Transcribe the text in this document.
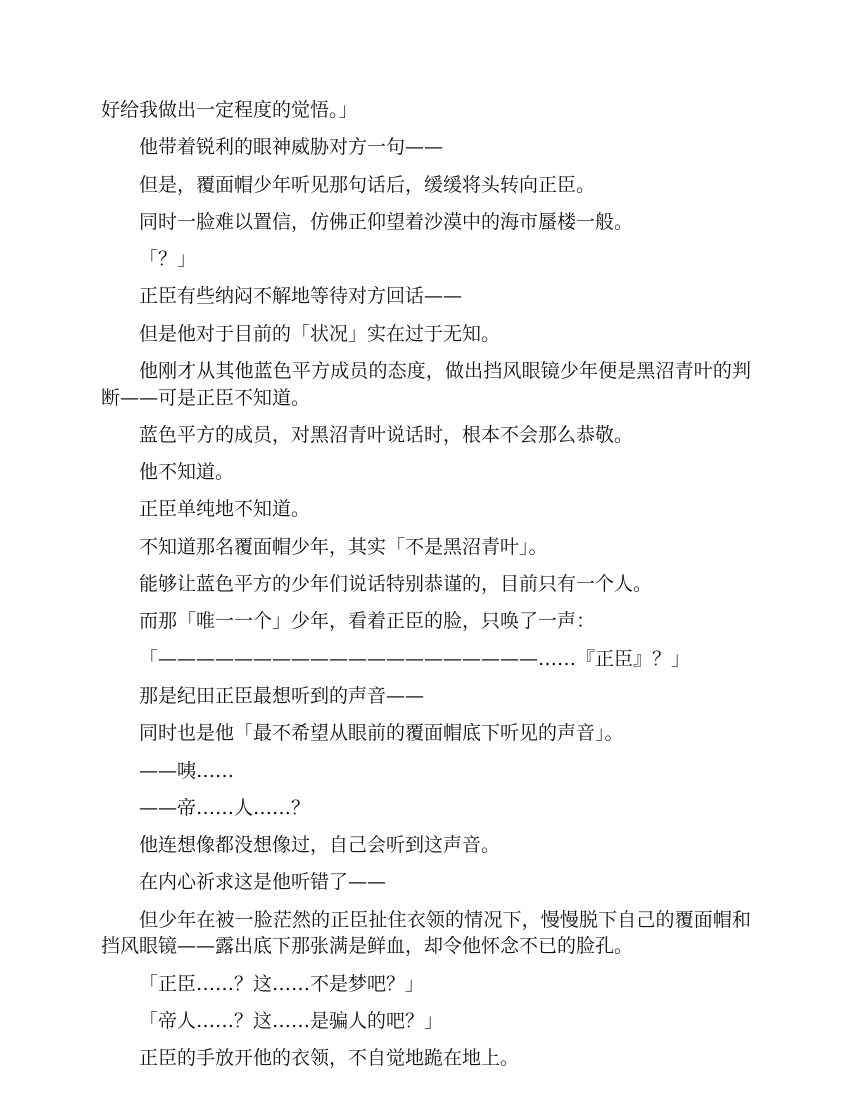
好给我做出一定程度的觉悟。」

他带着锐利的眼神威胁对方一句——

但是，覆面帽少年听见那句话后，缓缓将头转向正臣。

同时一脸难以置信，仿佛正仰望着沙漠中的海市蜃楼一般。

「？」

正臣有些纳闷不解地等待对方回话——

但是他对于目前的「状况」实在过于无知。

他刚才从其他蓝色平方成员的态度，做出挡风眼镜少年便是黑沼青叶的判断——可是正臣不知道。

蓝色平方的成员，对黑沼青叶说话时，根本不会那么恭敬。

他不知道。

正臣单纯地不知道。

不知道那名覆面帽少年，其实「不是黑沼青叶」。

能够让蓝色平方的少年们说话特别恭谨的，目前只有一个人。

而那「唯一一个」少年，看着正臣的脸，只唤了一声：

「————————————————————……『正臣』？」

那是纪田正臣最想听到的声音——

同时也是他「最不希望从眼前的覆面帽底下听见的声音」。

——咦……

——帝……人……？

他连想像都没想像过，自己会听到这声音。

在内心祈求这是他听错了——

但少年在被一脸茫然的正臣扯住衣领的情况下，慢慢脱下自己的覆面帽和挡风眼镜——露出底下那张满是鲜血，却令他怀念不已的脸孔。

「正臣……？这……不是梦吧？」

「帝人……？这……是骗人的吧？」

正臣的手放开他的衣领，不自觉地跪在地上。
